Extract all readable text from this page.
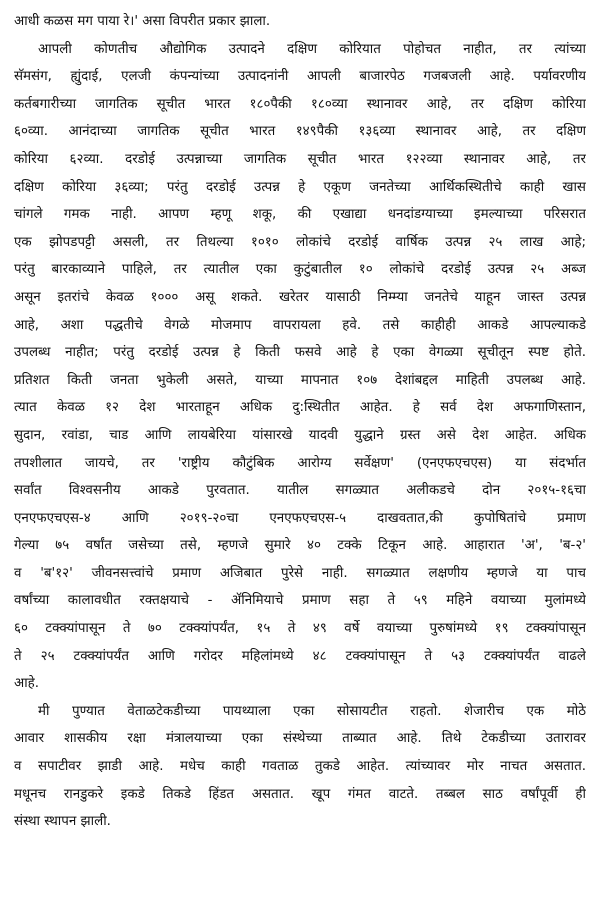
आधी कळस मग पाया रे।' असा विपरीत प्रकार झाला.
आपली कोणतीच औद्योगिक उत्पादने दक्षिण कोरियात पोहोचत नाहीत, तर त्यांच्या
सॅमसंग, ह्युंदाई, एलजी कंपन्यांच्या उत्पादनांनी आपली बाजारपेठ गजबजली आहे. पर्यावरणीय
कर्तबगारीच्या जागतिक सूचीत भारत १८०पैकी १८०व्या स्थानावर आहे, तर दक्षिण कोरिया
६०व्या. आनंदाच्या जागतिक सूचीत भारत १४९पैकी १३६व्या स्थानावर आहे, तर दक्षिण
कोरिया ६२व्या. दरडोई उत्पन्नाच्या जागतिक सूचीत भारत १२२व्या स्थानावर आहे, तर
दक्षिण कोरिया ३६व्या; परंतु दरडोई उत्पन्न हे एकूण जनतेच्या आर्थिकस्थितीचे काही खास
चांगले गमक नाही. आपण म्हणू शकू, की एखाद्या धनदांडग्याच्या इमल्याच्या परिसरात
एक झोपडपट्टी असली, तर तिथल्या १०१० लोकांचे दरडोई वार्षिक उत्पन्न २५ लाख आहे;
परंतु बारकाव्याने पाहिले, तर त्यातील एका कुटुंबातील १० लोकांचे दरडोई उत्पन्न २५ अब्ज
असून इतरांचे केवळ १००० असू शकते. खरेतर यासाठी निम्म्या जनतेचे याहून जास्त उत्पन्न
आहे, अशा पद्धतीचे वेगळे मोजमाप वापरायला हवे. तसे काहीही आकडे आपल्याकडे
उपलब्ध नाहीत; परंतु दरडोई उत्पन्न हे किती फसवे आहे हे एका वेगळ्या सूचीतून स्पष्ट होते.
प्रतिशत किती जनता भुकेली असते, याच्या मापनात १०७ देशांबद्दल माहिती उपलब्ध आहे.
त्यात केवळ १२ देश भारताहून अधिक दु:स्थितीत आहेत. हे सर्व देश अफगाणिस्तान,
सुदान, रवांडा, चाड आणि लायबेरिया यांसारखे यादवी युद्धाने ग्रस्त असे देश आहेत. अधिक
तपशीलात जायचे, तर 'राष्ट्रीय कौटुंबिक आरोग्य सर्वेक्षण' (एनएफएचएस) या संदर्भात
सर्वांत विश्वसनीय आकडे पुरवतात. यातील सगळ्यात अलीकडचे दोन २०१५-१६चा
एनएफएचएस-४ आणि २०१९-२०चा एनएफएचएस-५ दाखवतात,की कुपोषितांचे प्रमाण
गेल्या ७५ वर्षांत जसेच्या तसे, म्हणजे सुमारे ४० टक्के टिकून आहे. आहारात 'अ', 'ब-२'
व 'ब'१२' जीवनसत्त्वांचे प्रमाण अजिबात पुरेसे नाही. सगळ्यात लक्षणीय म्हणजे या पाच
वर्षांच्या कालावधीत रक्तक्षयाचे - ॲनिमियाचे प्रमाण सहा ते ५९ महिने वयाच्या मुलांमध्ये
६० टक्क्यांपासून ते ७० टक्क्यांपर्यंत, १५ ते ४९ वर्षे वयाच्या पुरुषांमध्ये १९ टक्क्यांपासून
ते २५ टक्क्यांपर्यंत आणि गरोदर महिलांमध्ये ४८ टक्क्यांपासून ते ५३ टक्क्यांपर्यंत वाढले
आहे.
मी पुण्यात वेताळटेकडीच्या पायथ्याला एका सोसायटीत राहतो. शेजारीच एक मोठे
आवार शासकीय रक्षा मंत्रालयाच्या एका संस्थेच्या ताब्यात आहे. तिथे टेकडीच्या उतारावर
व सपाटीवर झाडी आहे. मधेच काही गवताळ तुकडे आहेत. त्यांच्यावर मोर नाचत असतात.
मधूनच रानडुकरे इकडे तिकडे हिंडत असतात. खूप गंमत वाटते. तब्बल साठ वर्षांपूर्वी ही
संस्था स्थापन झाली.
